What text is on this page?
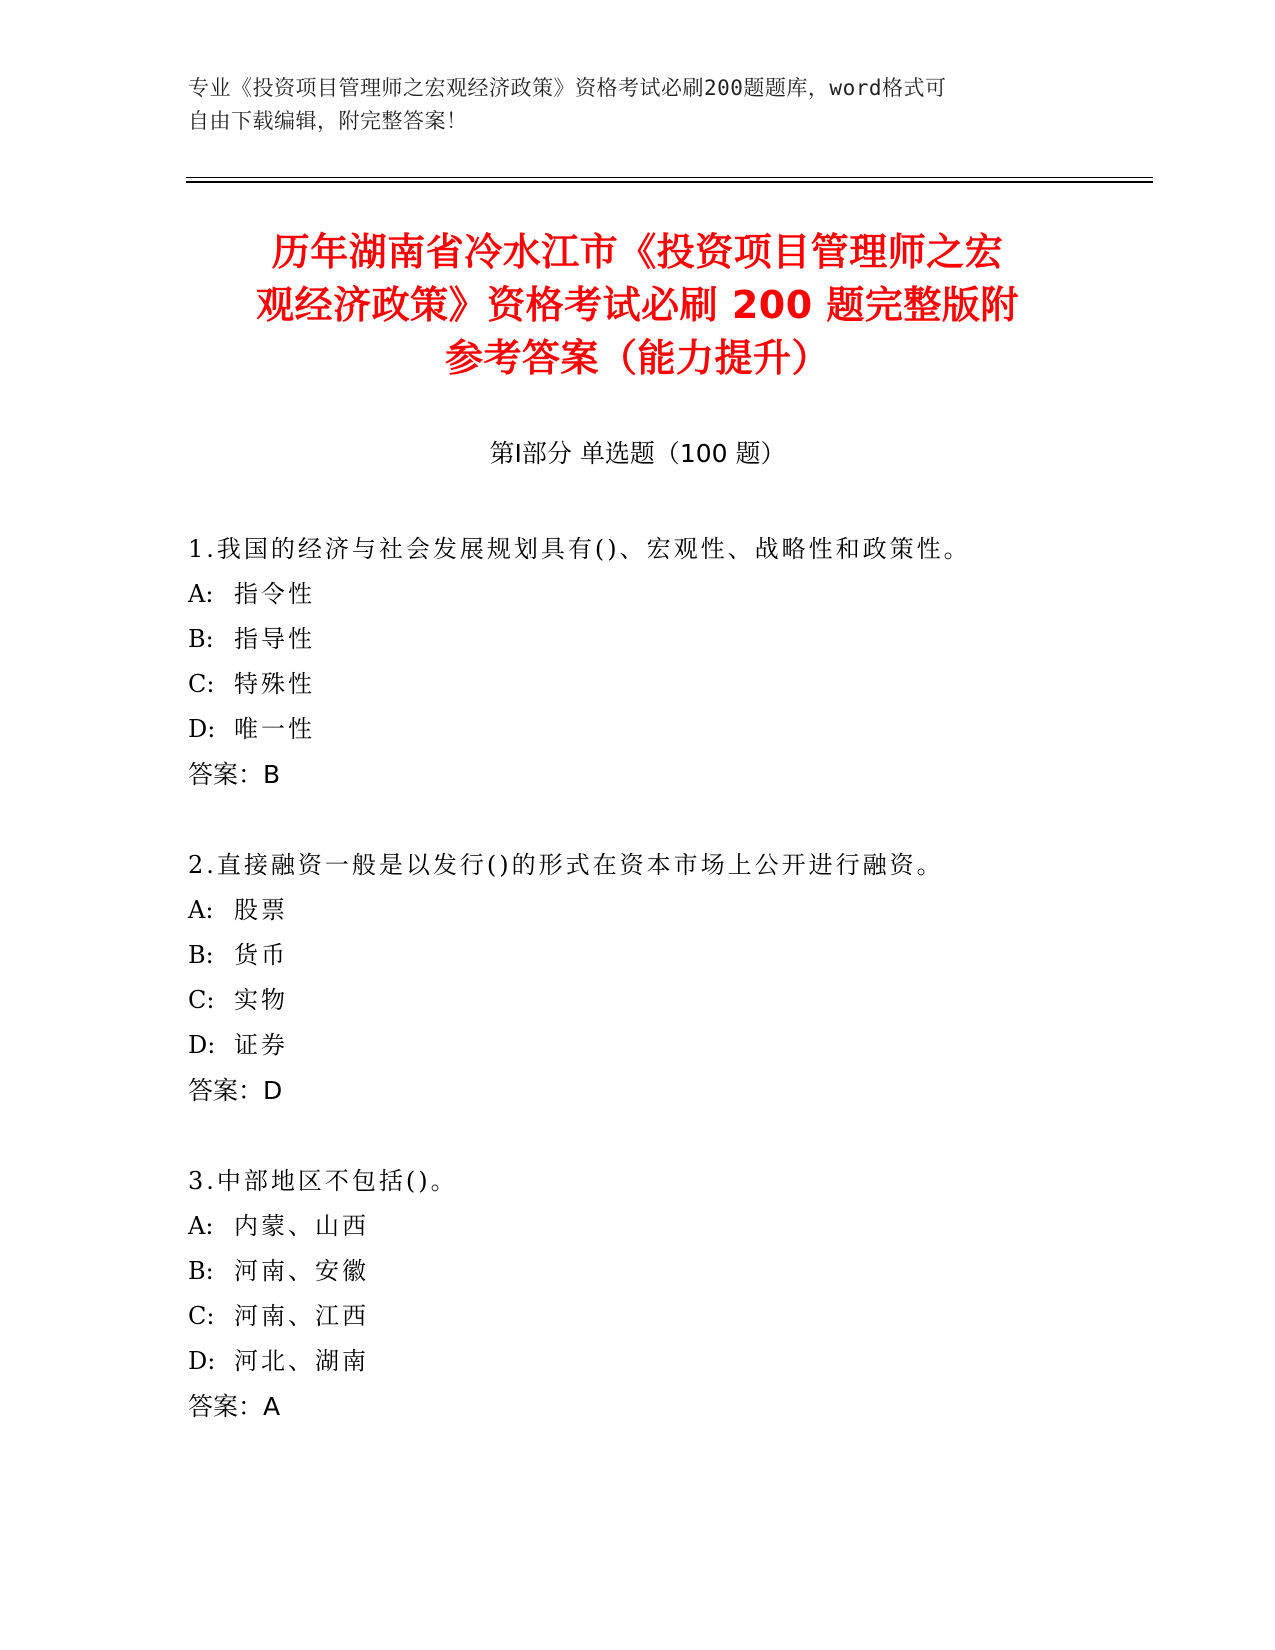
专业《投资项目管理师之宏观经济政策》资格考试必刷200题题库，word格式可
自由下载编辑，附完整答案！
历年湖南省冷水江市《投资项目管理师之宏
观经济政策》资格考试必刷 200 题完整版附
参考答案（能力提升）
第Ⅰ部分 单选题（100 题）
1.我国的经济与社会发展规划具有()、宏观性、战略性和政策性。
A: 指令性
B: 指导性
C: 特殊性
D: 唯一性
答案：B
2.直接融资一般是以发行()的形式在资本市场上公开进行融资。
A: 股票
B: 货币
C: 实物
D: 证券
答案：D
3.中部地区不包括()。
A: 内蒙、山西
B: 河南、安徽
C: 河南、江西
D: 河北、湖南
答案：A
